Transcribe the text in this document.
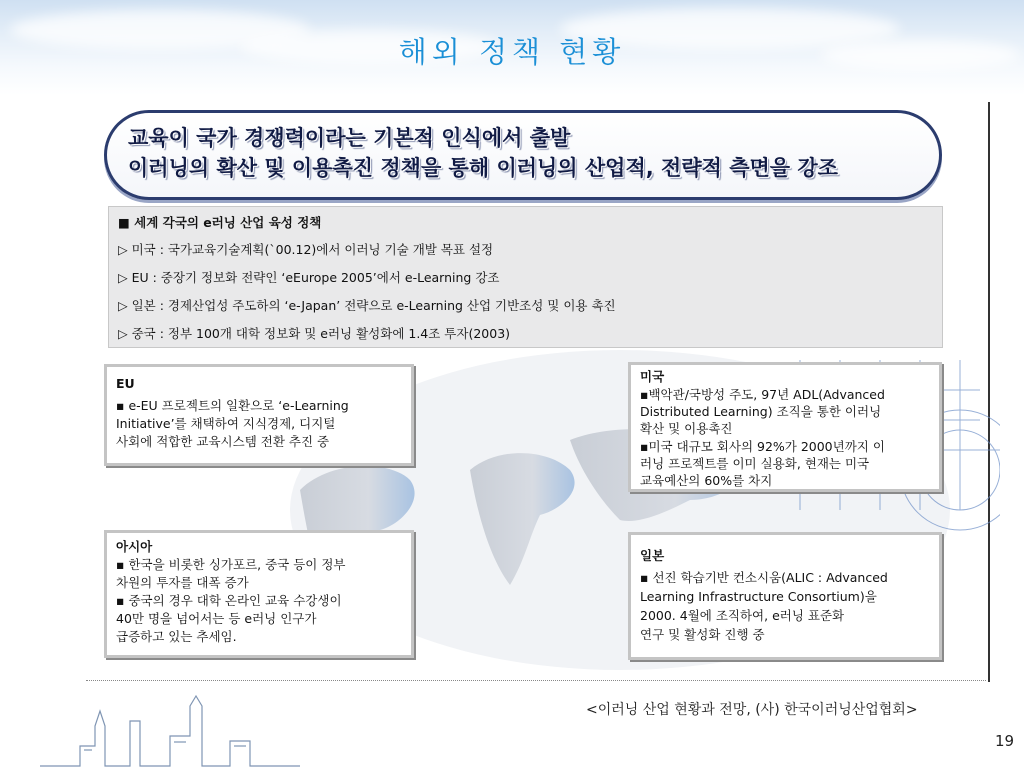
해외 정책 현황
교육이 국가 경쟁력이라는 기본적 인식에서 출발
이러닝의 확산 및 이용촉진 정책을 통해 이러닝의 산업적, 전략적 측면을 강조
■ 세계 각국의 e러닝 산업 육성 정책
▷ 미국 : 국가교육기술계획(`00.12)에서 이러닝 기술 개발 목표 설정
▷ EU : 중장기 정보화 전략인 ‘eEurope 2005’에서 e-Learning 강조
▷ 일본 : 경제산업성 주도하의 ‘e-Japan’ 전략으로 e-Learning 산업 기반조성 및 이용 촉진
▷ 중국 : 정부 100개 대학 정보화 및 e러닝 활성화에 1.4조 투자(2003)
EU
▪ e-EU 프로젝트의 일환으로 ‘e-Learning
Initiative’를 채택하여 지식경제, 디지털
사회에 적합한 교육시스템 전환 추진 중
아시아
▪ 한국을 비롯한 싱가포르, 중국 등이 정부
차원의 투자를 대폭 증가
▪ 중국의 경우 대학 온라인 교육 수강생이
40만 명을 넘어서는 등 e러닝 인구가
급증하고 있는 추세임.
미국
▪백악관/국방성 주도, 97년 ADL(Advanced
Distributed Learning) 조직을 통한 이러닝
확산 및 이용촉진
▪미국 대규모 회사의 92%가 2000년까지 이
러닝 프로젝트를 이미 실용화, 현재는 미국
교육예산의 60%를 차지
일본
▪ 선진 학습기반 컨소시움(ALIC : Advanced
Learning Infrastructure Consortium)을
2000. 4월에 조직하여, e러닝 표준화
연구 및 활성화 진행 중
<이러닝 산업 현황과 전망, (사) 한국이러닝산업협회>
19
